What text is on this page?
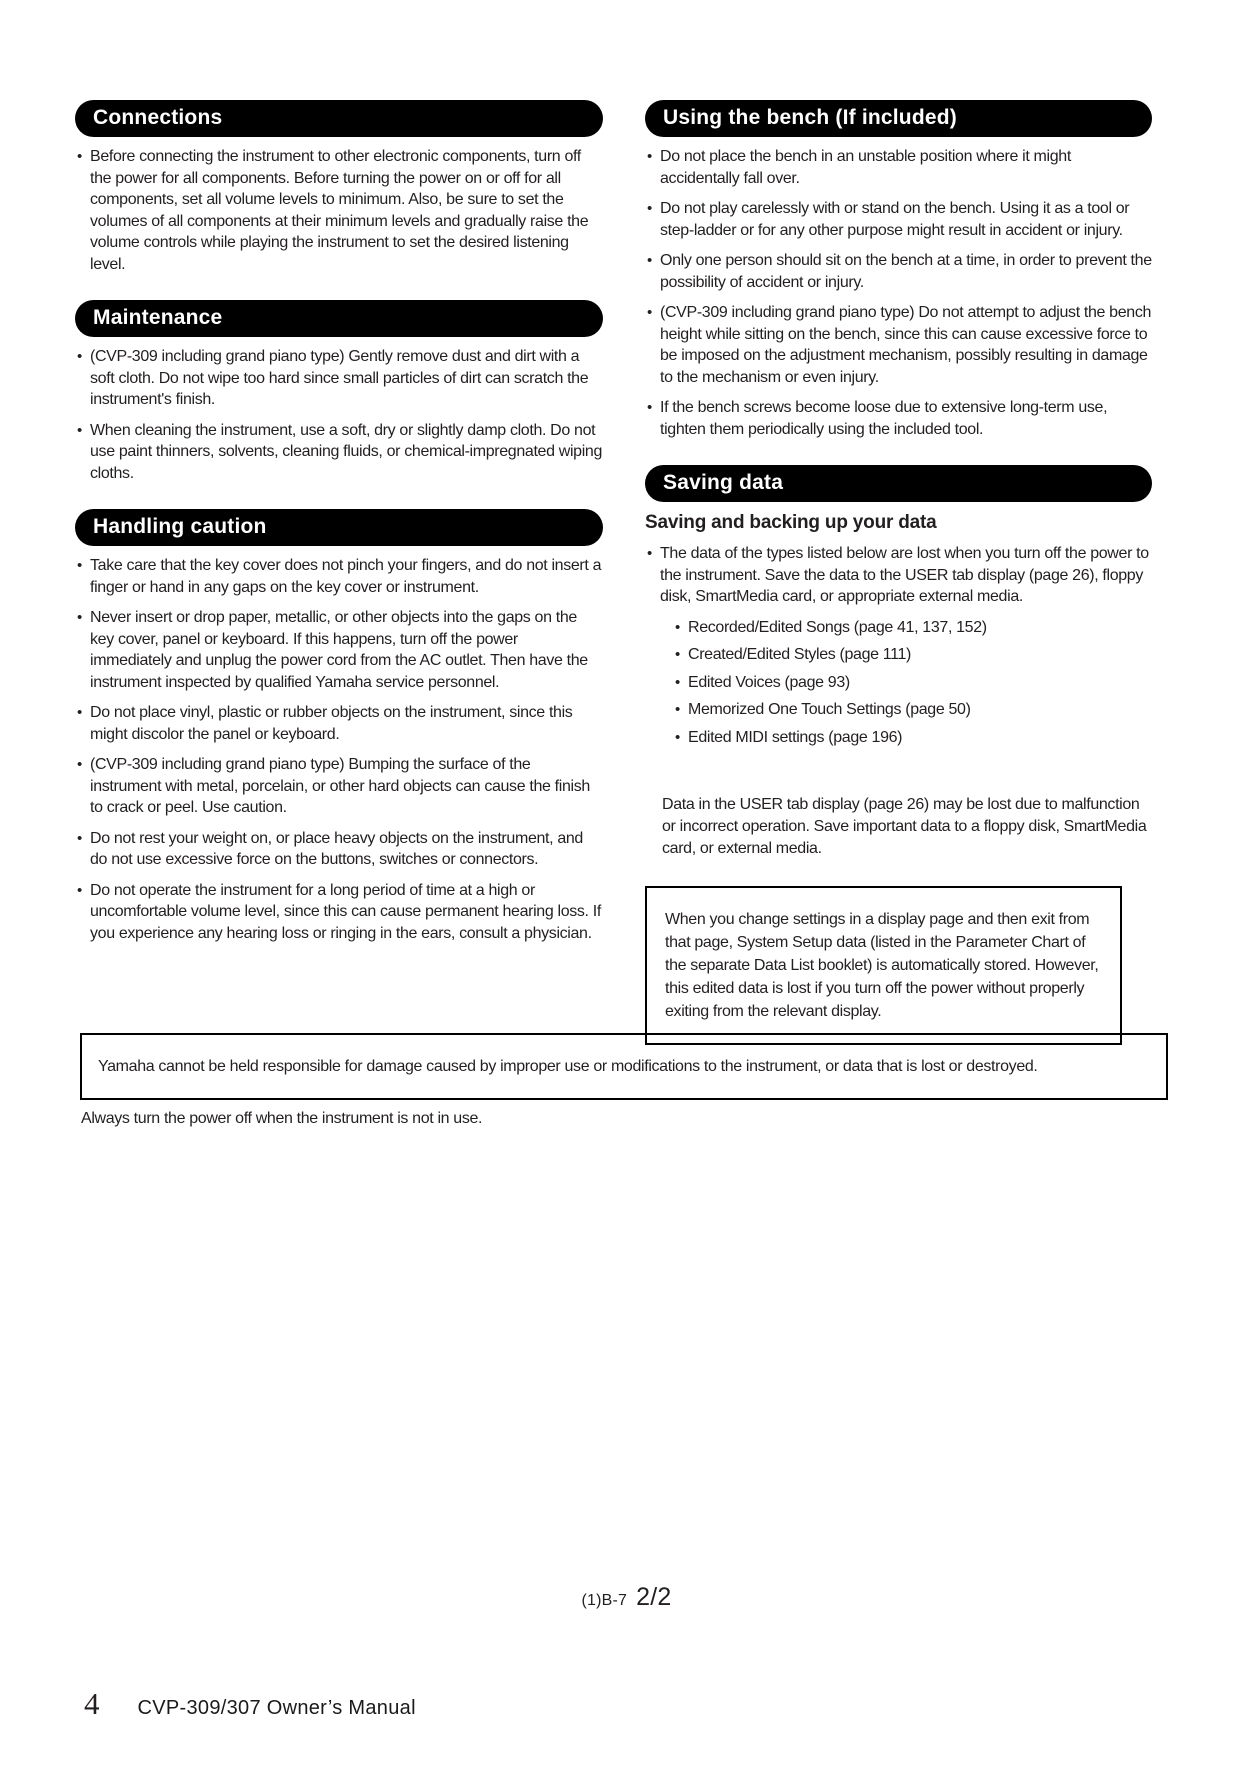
Connections
• Before connecting the instrument to other electronic components, turn off the power for all components. Before turning the power on or off for all components, set all volume levels to minimum. Also, be sure to set the volumes of all components at their minimum levels and gradually raise the volume controls while playing the instrument to set the desired listening level.
Maintenance
• (CVP-309 including grand piano type) Gently remove dust and dirt with a soft cloth. Do not wipe too hard since small particles of dirt can scratch the instrument's finish.
• When cleaning the instrument, use a soft, dry or slightly damp cloth. Do not use paint thinners, solvents, cleaning fluids, or chemical-impregnated wiping cloths.
Handling caution
• Take care that the key cover does not pinch your fingers, and do not insert a finger or hand in any gaps on the key cover or instrument.
• Never insert or drop paper, metallic, or other objects into the gaps on the key cover, panel or keyboard. If this happens, turn off the power immediately and unplug the power cord from the AC outlet. Then have the instrument inspected by qualified Yamaha service personnel.
• Do not place vinyl, plastic or rubber objects on the instrument, since this might discolor the panel or keyboard.
• (CVP-309 including grand piano type) Bumping the surface of the instrument with metal, porcelain, or other hard objects can cause the finish to crack or peel. Use caution.
• Do not rest your weight on, or place heavy objects on the instrument, and do not use excessive force on the buttons, switches or connectors.
• Do not operate the instrument for a long period of time at a high or uncomfortable volume level, since this can cause permanent hearing loss. If you experience any hearing loss or ringing in the ears, consult a physician.
Using the bench (If included)
• Do not place the bench in an unstable position where it might accidentally fall over.
• Do not play carelessly with or stand on the bench. Using it as a tool or step-ladder or for any other purpose might result in accident or injury.
• Only one person should sit on the bench at a time, in order to prevent the possibility of accident or injury.
• (CVP-309 including grand piano type) Do not attempt to adjust the bench height while sitting on the bench, since this can cause excessive force to be imposed on the adjustment mechanism, possibly resulting in damage to the mechanism or even injury.
• If the bench screws become loose due to extensive long-term use, tighten them periodically using the included tool.
Saving data
Saving and backing up your data
• The data of the types listed below are lost when you turn off the power to the instrument. Save the data to the USER tab display (page 26), floppy disk, SmartMedia card, or appropriate external media.
• Recorded/Edited Songs (page 41, 137, 152)
• Created/Edited Styles (page 111)
• Edited Voices (page 93)
• Memorized One Touch Settings (page 50)
• Edited MIDI settings (page 196)

Data in the USER tab display (page 26) may be lost due to malfunction or incorrect operation. Save important data to a floppy disk, SmartMedia card, or external media.

When you change settings in a display page and then exit from that page, System Setup data (listed in the Parameter Chart of the separate Data List booklet) is automatically stored. However, this edited data is lost if you turn off the power without properly exiting from the relevant display.
Yamaha cannot be held responsible for damage caused by improper use or modifications to the instrument, or data that is lost or destroyed.
Always turn the power off when the instrument is not in use.
(1)B-7 2/2
4 CVP-309/307 Owner’s Manual
